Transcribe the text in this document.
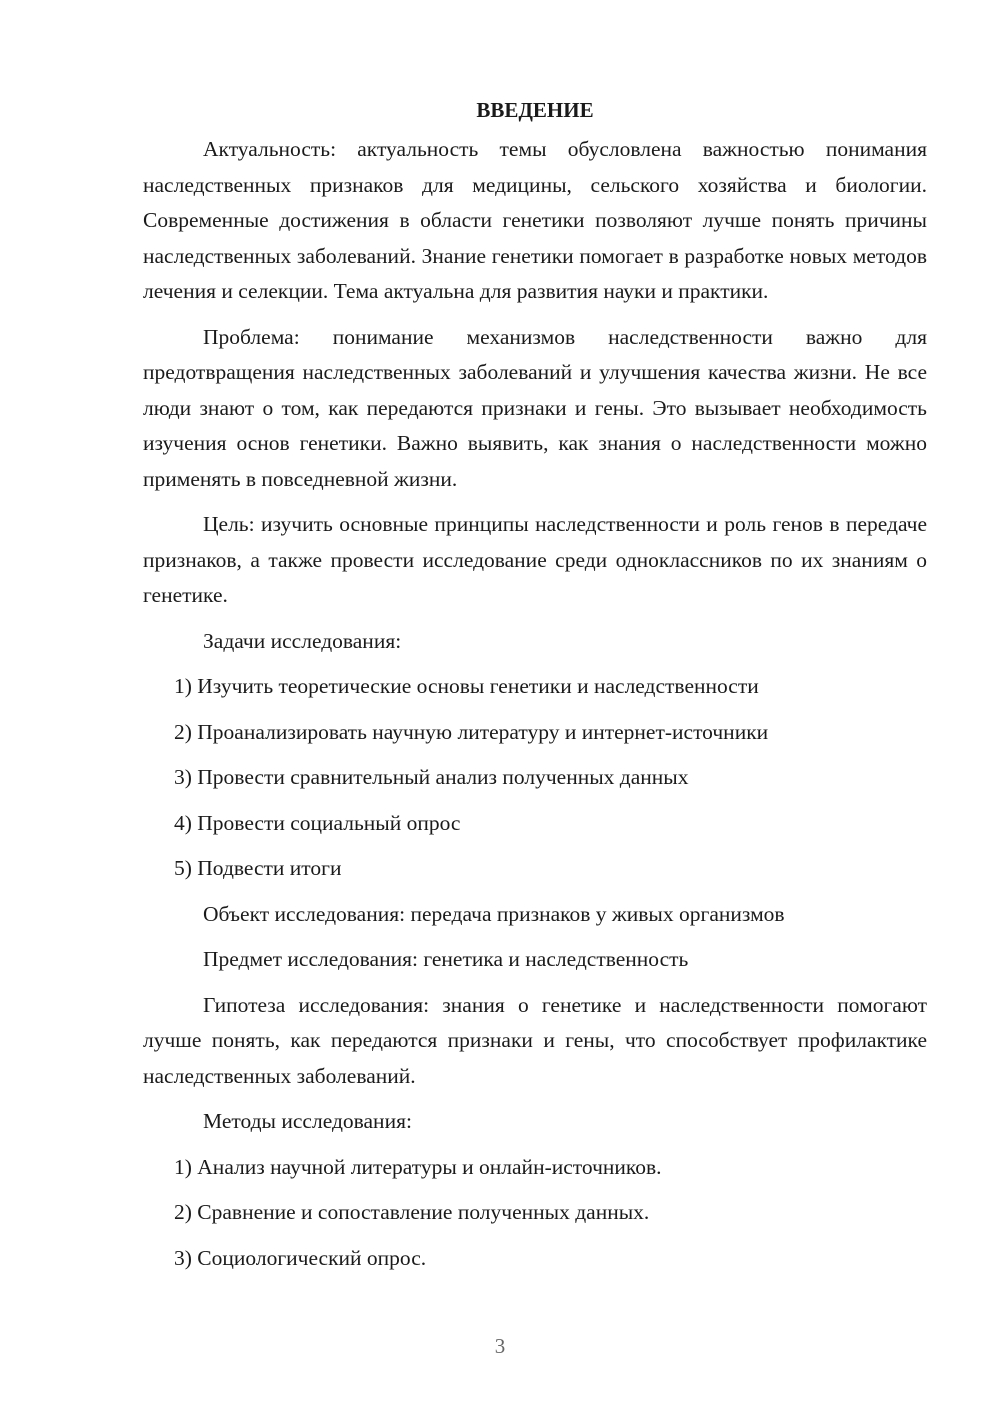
ВВЕДЕНИЕ

Актуальность: актуальность темы обусловлена важностью понимания наследственных признаков для медицины, сельского хозяйства и биологии. Современные достижения в области генетики позволяют лучше понять причины наследственных заболеваний. Знание генетики помогает в разработке новых методов лечения и селекции. Тема актуальна для развития науки и практики.

Проблема: понимание механизмов наследственности важно для предотвращения наследственных заболеваний и улучшения качества жизни. Не все люди знают о том, как передаются признаки и гены. Это вызывает необходимость изучения основ генетики. Важно выявить, как знания о наследственности можно применять в повседневной жизни.

Цель: изучить основные принципы наследственности и роль генов в передаче признаков, а также провести исследование среди одноклассников по их знаниям о генетике.

Задачи исследования:
1) Изучить теоретические основы генетики и наследственности
2) Проанализировать научную литературу и интернет-источники
3) Провести сравнительный анализ полученных данных
4) Провести социальный опрос
5) Подвести итоги
Объект исследования: передача признаков у живых организмов
Предмет исследования: генетика и наследственность

Гипотеза исследования: знания о генетике и наследственности помогают лучше понять, как передаются признаки и гены, что способствует профилактике наследственных заболеваний.

Методы исследования:
1) Анализ научной литературы и онлайн-источников.
2) Сравнение и сопоставление полученных данных.
3) Социологический опрос.
3
